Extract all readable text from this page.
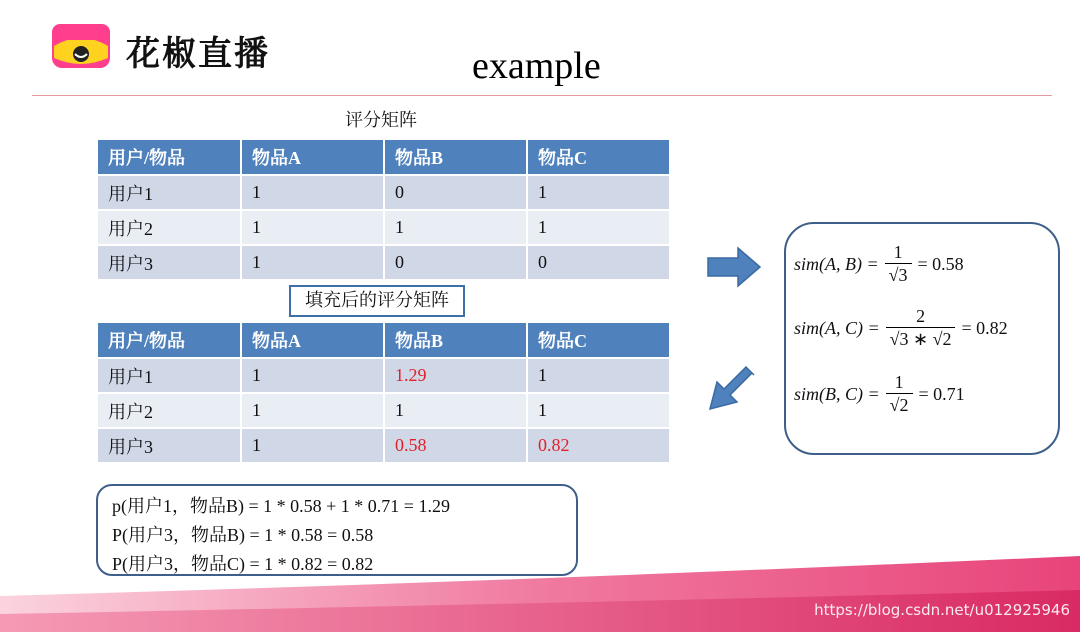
花椒直播	example
评分矩阵
用户/物品	物品A	物品B	物品C
用户1	1	0	1
用户2	1	1	1
用户3	1	0	0
填充后的评分矩阵
用户/物品	物品A	物品B	物品C
用户1	1	1.29	1
用户2	1	1	1
用户3	1	0.58	0.82
sim(A, $B) = \frac{1}{√3} = 0.58$
sim(A, $C) = \frac{2}{√3 ∗ √2} = 0.82$
sim(B, $C) = \frac{1}{√2} = 0.71$
p(用户1，物品B) = 1 * 0.58 + 1 * 0.71 = 1.29
P(用户3，物品B) = 1 * 0.58 = 0.58
P(用户3，物品C) = 1 * 0.82 = 0.82
https://blog.csdn.net/u012925946
